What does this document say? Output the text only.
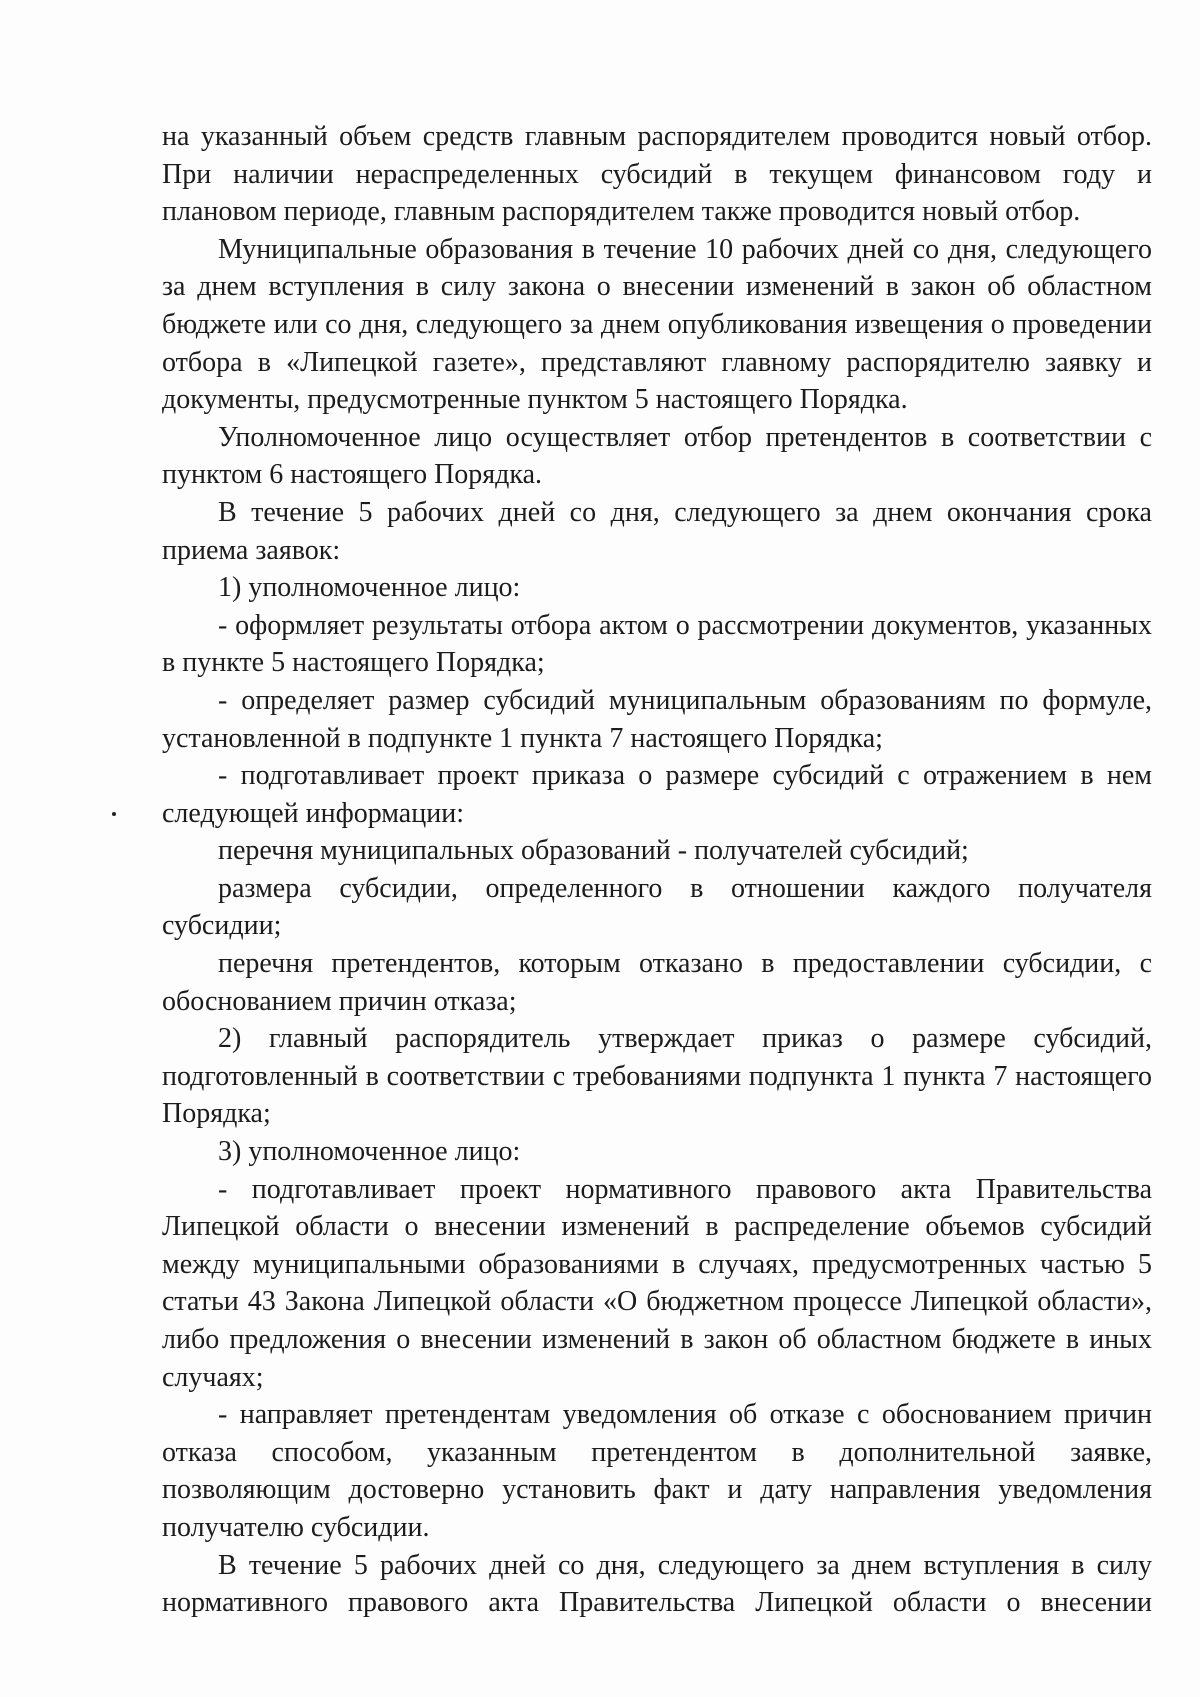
на указанный объем средств главным распорядителем проводится новый отбор. При наличии нераспределенных субсидий в текущем финансовом году и плановом периоде, главным распорядителем также проводится новый отбор.

Муниципальные образования в течение 10 рабочих дней со дня, следующего за днем вступления в силу закона о внесении изменений в закон об областном бюджете или со дня, следующего за днем опубликования извещения о проведении отбора в «Липецкой газете», представляют главному распорядителю заявку и документы, предусмотренные пунктом 5 настоящего Порядка.

Уполномоченное лицо осуществляет отбор претендентов в соответствии с пунктом 6 настоящего Порядка.

В течение 5 рабочих дней со дня, следующего за днем окончания срока приема заявок:

1) уполномоченное лицо:

- оформляет результаты отбора актом о рассмотрении документов, указанных в пункте 5 настоящего Порядка;

- определяет размер субсидий муниципальным образованиям по формуле, установленной в подпункте 1 пункта 7 настоящего Порядка;

- подготавливает проект приказа о размере субсидий с отражением в нем следующей информации:

перечня муниципальных образований - получателей субсидий;

размера субсидии, определенного в отношении каждого получателя субсидии;

перечня претендентов, которым отказано в предоставлении субсидии, с обоснованием причин отказа;

2) главный распорядитель утверждает приказ о размере субсидий, подготовленный в соответствии с требованиями подпункта 1 пункта 7 настоящего Порядка;

3) уполномоченное лицо:

- подготавливает проект нормативного правового акта Правительства Липецкой области о внесении изменений в распределение объемов субсидий между муниципальными образованиями в случаях, предусмотренных частью 5 статьи 43 Закона Липецкой области «О бюджетном процессе Липецкой области», либо предложения о внесении изменений в закон об областном бюджете в иных случаях;

- направляет претендентам уведомления об отказе с обоснованием причин отказа способом, указанным претендентом в дополнительной заявке, позволяющим достоверно установить факт и дату направления уведомления получателю субсидии.

В течение 5 рабочих дней со дня, следующего за днем вступления в силу нормативного правового акта Правительства Липецкой области о внесении
